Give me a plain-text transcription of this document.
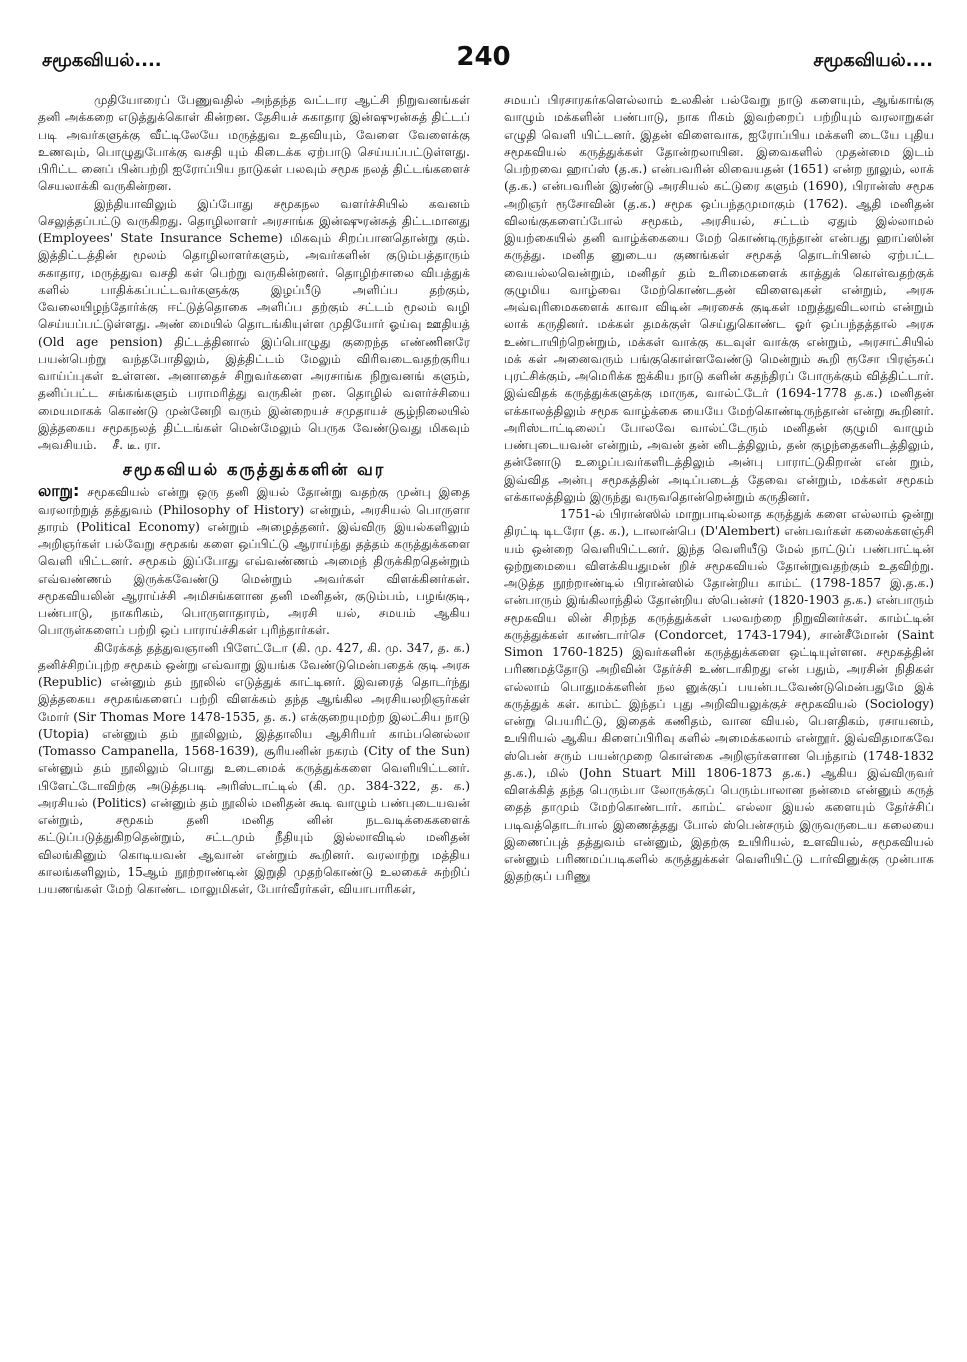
சமூகவியல்....	240	சமூகவியல்....

முதியோரைப் பேணுவதில் அந்தந்த வட்டார ஆட்சி நிறுவனங்கள் தனி அக்கறை எடுத்துக்கொள் கின்றன. தேசியச் சுகாதார இன்ஷுரன்சுத் திட்டப் படி அவர்களுக்கு வீட்டிலேயே மருத்துவ உதவியும், வேளை வேளைக்கு உணவும், பொழுதுபோக்கு வசதி யும் கிடைக்க ஏற்பாடு செய்யப்பட்டுள்ளது. பிரிட்ட னைப் பின்பற்றி ஐரோப்பிய நாடுகள் பலவும் சமூக நலத் திட்டங்களைச் செயலாக்கி வருகின்றன.

இந்தியாவிலும் இப்போது சமூகநல வளர்ச்சியில் கவனம் செலுத்தப்பட்டு வருகிறது. தொழிலாளர் அரசாங்க இன்ஷுரன்சுத் திட்டமானது (Employees' State Insurance Scheme) மிகவும் சிறப்பானதொன்று கும். இத்திட்டத்தின் மூலம் தொழிலாளர்களும், அவர்களின் குடும்பத்தாரும் சுகாதார, மருத்துவ வசதி கள் பெற்று வருகின்றனர். தொழிற்சாலை விபத்துக் களில் பாதிக்கப்பட்டவர்களுக்கு இழப்பீடு அளிப்ப தற்கும், வேலையிழந்தோர்க்கு ஈட்டுத்தொகை அளிப்ப தற்கும் சட்டம் மூலம் வழி செய்யப்பட்டுள்ளது. அண் மையில் தொடங்கியுள்ள முதியோர் ஓய்வு ஊதியத் (Old age pension) திட்டத்தினால் இப்பொழுது குறைந்த எண்ணினரே பயன்பெற்று வந்தபோதிலும், இத்திட்டம் மேலும் விரிவடைவதற்குரிய வாய்ப்புகள் உள்ளன. அனாதைச் சிறுவர்களை அரசாங்க நிறுவனங் களும், தனிப்பட்ட சங்கங்களும் பராமரித்து வருகின் றன. தொழில் வளர்ச்சியை மையமாகக் கொண்டு முன்னேறி வரும் இன்றையச் சமுதாயச் சூழ்நிலையில் இத்தகைய சமூகநலத் திட்டங்கள் மென்மேலும் பெருக வேண்டுவது மிகவும் அவசியம். சீ. டீ. ரா.

சமூகவியல் கருத்துக்களின் வர

லாறு: சமூகவியல் என்று ஒரு தனி இயல் தோன்று வதற்கு முன்பு இதை வரலாற்றுத் தத்துவம் (Philosophy of History) என்றும், அரசியல் பொருளா தாரம் (Political Economy) என்றும் அழைத்தனர். இவ்விரு இயல்களிலும் அறிஞர்கள் பல்வேறு சமூகங் களை ஒப்பிட்டு ஆராய்ந்து தத்தம் கருத்துக்களை வெளி யிட்டனர். சமூகம் இப்போது எவ்வண்ணம் அமைந் திருக்கிறதென்றும் எவ்வண்ணம் இருக்கவேண்டு மென்றும் அவர்கள் விளக்கினர்கள். சமூகவியலின் ஆராய்ச்சி அமிசங்களான தனி மனிதன், குடும்பம், பழங்குடி, பண்பாடு, நாகரிகம், பொருளாதாரம், அரசி யல், சமயம் ஆகிய பொருள்களைப் பற்றி ஒப் பாராய்ச்சிகள் புரிந்தார்கள்.

கிரேக்கத் தத்துவஞானி பிளேட்டோ (கி. மு. 427, கி. மு. 347, த. க.) தனிச்சிறப்புற்ற சமூகம் ஒன்று எவ்வாறு இயங்க வேண்டுமென்பதைக் குடி அரசு (Republic) என்னும் தம் நூலில் எடுத்துக் காட்டினர். இவரைத் தொடர்ந்து இத்தகைய சமூகங்களைப் பற்றி விளக்கம் தந்த ஆங்கில அரசியலறிஞர்கள் மோர் (Sir Thomas More 1478-1535, த. க.) எக்குறையுமற்ற இலட்சிய நாடு (Utopia) என்னும் தம் நூலிலும், இத்தாலிய ஆசிரியர் காம்பனெல்லா (Tomasso Campanella, 1568-1639), சூரியனின் நகரம் (City of the Sun) என்னும் தம் நூலிலும் பொது உடைமைக் கருத்துக்களை வெளியிட்டனர். பிளேட்டோவிற்கு அடுத்தபடி அரிஸ்டாட்டில் (கி. மு. 384-322, த. க.) அரசியல் (Politics) என்னும் தம் நூலில் மனிதன் கூடி வாழும் பண்புடையவன் என்றும், சமூகம் தனி மனித னின் நடவடிக்கைகளைக் கட்டுப்படுத்துகிறதென்றும், சட்டமும் நீதியும் இல்லாவிடில் மனிதன் விலங்கினும் கொடியவன் ஆவான் என்றும் கூறினர். வரலாற்று மத்திய காலங்களிலும், 15ஆம் நூற்றாண்டின் இறுதி முதற்கொண்டு உலகைச் சுற்றிப் பயணங்கள் மேற் கொண்ட மாலுமிகள், போர்வீரர்கள், வியாபாரிகள்,

சமயப் பிரசாரகர்களெல்லாம் உலகின் பல்வேறு நாடு களையும், ஆங்காங்கு வாழும் மக்களின் பண்பாடு, நாக ரிகம் இவற்றைப் பற்றியும் வரலாறுகள் எழுதி வெளி யிட்டனர். இதன் விளைவாக, ஐரோப்பிய மக்களி டையே புதிய சமூகவியல் கருத்துக்கள் தோன்றலாயின. இவைகளில் முதன்மை இடம் பெற்றவை ஹாப்ஸ் (த.க.) என்பவரின் லிவையதன் (1651) என்ற நூலும், லாக் (த.க.) என்பவரின் இரண்டு அரசியல் கட்டுரை களும் (1690), பிரான்ஸ் சமூக அறிஞர் ரூசோவின் (த.க.) சமூக ஒப்பந்தமுமாகும் (1762). ஆதி மனிதன் விலங்குகளைப்போல் சமூகம், அரசியல், சட்டம் ஏதும் இல்லாமல் இயற்கையில் தனி வாழ்க்கையை மேற் கொண்டிருந்தான் என்பது ஹாப்ஸின் கருத்து. மனித னுடைய குணங்கள் சமூகத் தொடர்பினல் ஏற்பட்ட வையல்லவென்றும், மனிதர் தம் உரிமைகளைக் காத்துக் கொள்வதற்குக் குழுமிய வாழ்வை மேற்கொண்டதன் விளைவுகள் என்றும், அரசு அவ்வுரிமைகளைக் காவா விடின் அரசைக் குடிகள் மறுத்துவிடலாம் என்றும் லாக் கருதினர். மக்கள் தமக்குள் செய்துகொண்ட ஓர் ஒப்பந்தத்தால் அரசு உண்டாயிற்றென்றும், மக்கள் வாக்கு கடவுள் வாக்கு என்றும், அரசாட்சியில் மக் கள் அனைவரும் பங்குகொள்ளவேண்டு மென்றும் கூறி ரூசோ பிரஞ்சுப் புரட்சிக்கும், அமெரிக்க ஐக்கிய நாடு களின் சுதந்திரப் போருக்கும் வித்திட்டார். இவ்விதக் கருத்துக்களுக்கு மாருக, வால்ட்டேர் (1694-1778 த.க.) மனிதன் எக்காலத்திலும் சமூக வாழ்க்கை யையே மேற்கொண்டிருந்தான் என்று கூறினர். அரிஸ்டாட்டிலைப் போலவே வால்ட்டேரும் மனிதன் குழுமி வாழும் பண்புடையவன் என்றும், அவன் தன் னிடத்திலும், தன் குழந்தைகளிடத்திலும், தன்னோடு உழைப்பவர்களிடத்திலும் அன்பு பாராட்டுகிறான் என் றும், இவ்வித அன்பு சமூகத்தின் அடிப்படைத் தேவை என்றும், மக்கள் சமூகம் எக்காலத்திலும் இருந்து வருவதொன்றென்றும் கருதினர்.

1751-ல் பிரான்ஸில் மாறுபாடில்லாத கருத்துக் களை எல்லாம் ஒன்று திரட்டி டிடரோ (த. க.), டாலான்பெ (D'Alembert) என்பவர்கள் கலைக்களஞ்சி யம் ஒன்றை வெளியிட்டனர். இந்த வெளியீடு மேல் நாட்டுப் பண்பாட்டின் ஒற்றுமையை விளக்கியதுமன் றிச் சமூகவியல் தோன்றுவதற்கும் உதவிற்று. அடுத்த நூற்றாண்டில் பிரான்ஸில் தோன்றிய காம்ட் (1798-1857 இ.த.க.) என்பாரும் இங்கிலாந்தில் தோன்றிய ஸ்பென்சர் (1820-1903 த.க.) என்பாரும் சமூகவிய லின் சிறந்த கருத்துக்கள் பலவற்றை நிறுவினர்கள். காம்ட்டின் கருத்துக்கள் காண்டார்செ (Condorcet, 1743-1794), சான்சீமோன் (Saint Simon 1760-1825) இவர்களின் கருத்துக்களை ஒட்டியுள்ளன. சமூகத்தின் பரிணமத்தோடு அறிவின் தேர்ச்சி உண்டாகிறது என் பதும், அரசின் நிதிகள் எல்லாம் பொதுமக்களின் நல னுக்குப் பயன்படவேண்டுமென்பதுமே இக் கருத்துக் கள். காம்ட் இந்தப் புது அறிவியலுக்குச் சமூகவியல் (Sociology) என்று பெயரிட்டு, இதைக் கணிதம், வான வியல், பௌதிகம், ரசாயனம், உயிரியல் ஆகிய கிளைப்பிரிவு களில் அமைக்கலாம் என்றூர். இவ்விதமாகவே ஸ்பென் சரும் பயன்முறை கொள்கை அறிஞர்களான பெந்தாம் (1748-1832 த.க.), மில் (John Stuart Mill 1806-1873 த.க.) ஆகிய இவ்விருவர் விளக்கித் தந்த பெரும்பா லோருக்குப் பெரும்பாலான நன்மை என்னும் கருத் தைத் தாமும் மேற்கொண்டார். காம்ட் எல்லா இயல் களையும் தேர்ச்சிப் படிவத்தொடர்பால் இணைத்தது போல் ஸ்பென்சரும் இருவருடைய கலையை இணைப்புத் தத்துவம் என்னும், இதற்கு உயிரியல், உளவியல், சமூகவியல் என்னும் பரிணமப்படிகளில் கருத்துக்கள் வெளியிட்டு டார்வினுக்கு முன்பாக இதற்குப் பரிணு
